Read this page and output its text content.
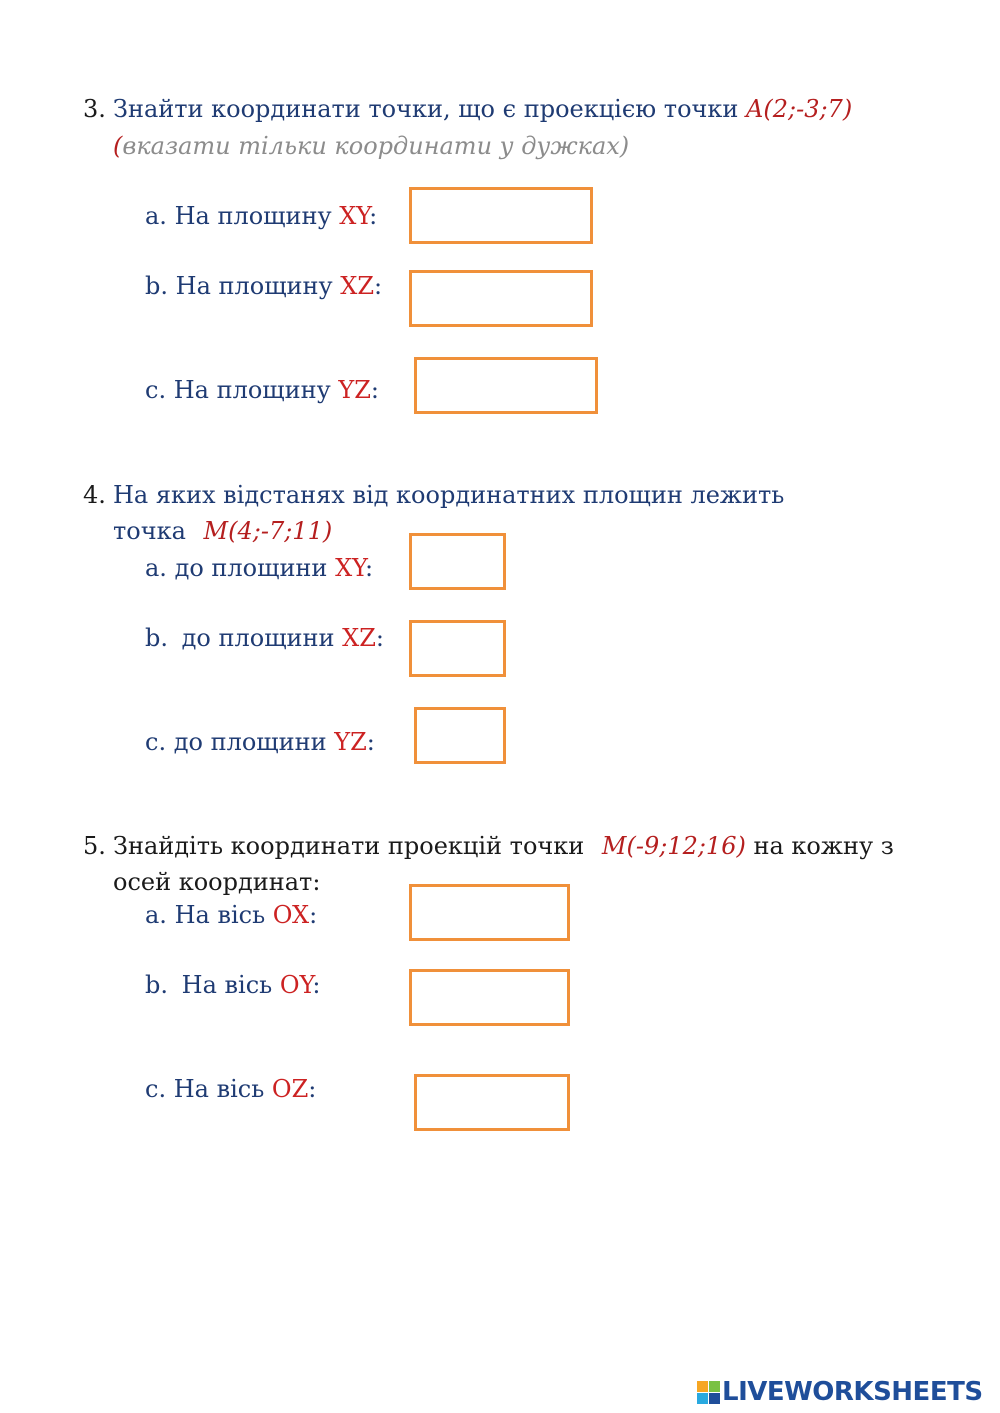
3. Знайти координати точки, що є проекцією точки A(2;-3;7)
(вказати тільки координати у дужках)
a. На площину XY:
b. На площину XZ:
c. На площину YZ:
4. На яких відстанях від координатних площин лежить
точка M(4;-7;11)
a. до площини XY:
b. до площини XZ:
c. до площини YZ:
5. Знайдіть координати проекцій точки M(-9;12;16) на кожну з
осей координат:
a. На вісь OX:
b. На вісь OY:
c. На вісь OZ:
LIVEWORKSHEETS
